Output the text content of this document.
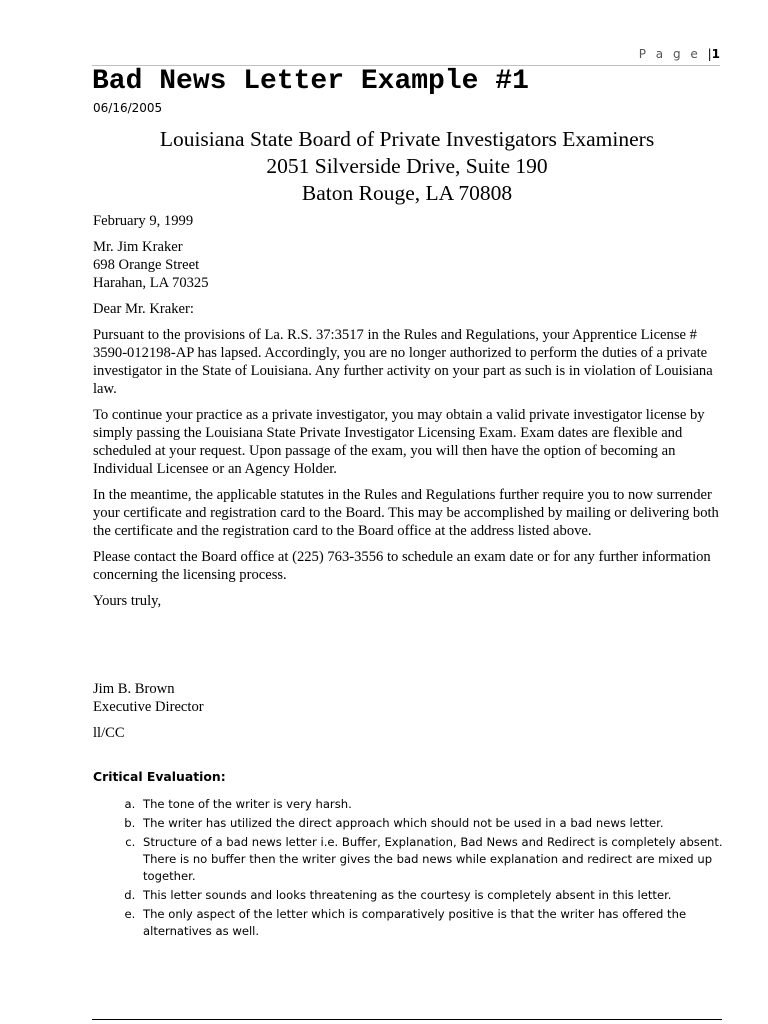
P a g e |1
Bad News Letter Example #1
06/16/2005
Louisiana State Board of Private Investigators Examiners
2051 Silverside Drive, Suite 190
Baton Rouge, LA 70808

February 9, 1999

Mr. Jim Kraker
698 Orange Street
Harahan, LA 70325

Dear Mr. Kraker:

Pursuant to the provisions of La. R.S. 37:3517 in the Rules and Regulations, your Apprentice License # 3590-012198-AP has lapsed. Accordingly, you are no longer authorized to perform the duties of a private investigator in the State of Louisiana. Any further activity on your part as such is in violation of Louisiana law.

To continue your practice as a private investigator, you may obtain a valid private investigator license by simply passing the Louisiana State Private Investigator Licensing Exam. Exam dates are flexible and scheduled at your request. Upon passage of the exam, you will then have the option of becoming an Individual Licensee or an Agency Holder.

In the meantime, the applicable statutes in the Rules and Regulations further require you to now surrender your certificate and registration card to the Board. This may be accomplished by mailing or delivering both the certificate and the registration card to the Board office at the address listed above.

Please contact the Board office at (225) 763-3556 to schedule an exam date or for any further information concerning the licensing process.

Yours truly,

Jim B. Brown

Executive Director

ll/CC

Critical Evaluation:

a. The tone of the writer is very harsh.
b. The writer has utilized the direct approach which should not be used in a bad news letter.
c. Structure of a bad news letter i.e. Buffer, Explanation, Bad News and Redirect is completely absent. There is no buffer then the writer gives the bad news while explanation and redirect are mixed up together.
d. This letter sounds and looks threatening as the courtesy is completely absent in this letter.
e. The only aspect of the letter which is comparatively positive is that the writer has offered the alternatives as well.
